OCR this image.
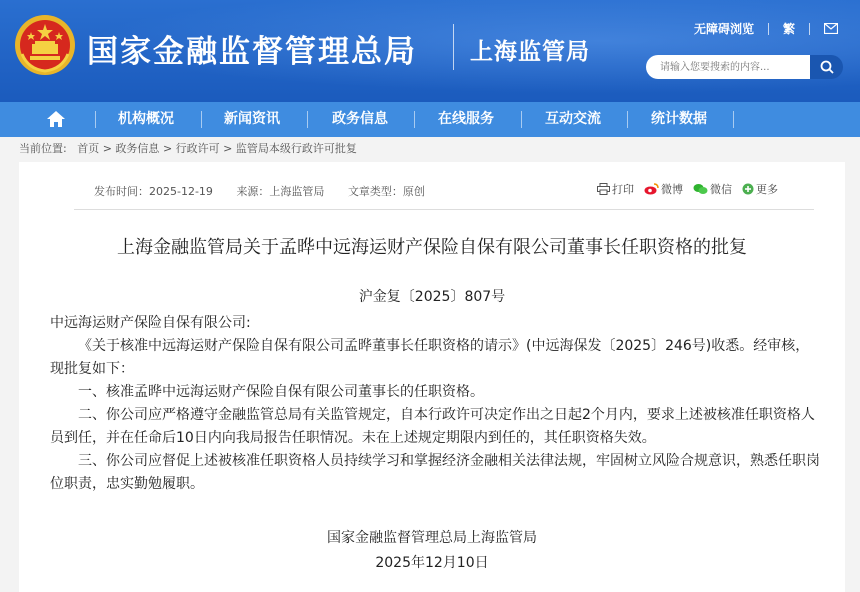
国家金融监督管理总局 上海监管局
无障碍浏览 繁
请输入您要搜索的内容...
机构概况	新闻资讯	政务信息	在线服务	互动交流	统计数据
当前位置: 首页 > 政务信息 > 行政许可 > 监管局本级行政许可批复
发布时间：2025-12-19 来源：上海监管局 文章类型：原创	打印 微博 微信 更多
上海金融监管局关于孟晔中远海运财产保险自保有限公司董事长任职资格的批复
沪金复〔2025〕807号

中远海运财产保险自保有限公司:

《关于核准中远海运财产保险自保有限公司孟晔董事长任职资格的请示》(中远海保发〔2025〕246号)收悉。经审核，现批复如下：

一、核准孟晔中远海运财产保险自保有限公司董事长的任职资格。

二、你公司应严格遵守金融监管总局有关监管规定，自本行政许可决定作出之日起2个月内，要求上述被核准任职资格人员到任，并在任命后10日内向我局报告任职情况。未在上述规定期限内到任的，其任职资格失效。

三、你公司应督促上述被核准任职资格人员持续学习和掌握经济金融相关法律法规，牢固树立风险合规意识，熟悉任职岗位职责，忠实勤勉履职。

国家金融监督管理总局上海监管局
2025年12月10日
